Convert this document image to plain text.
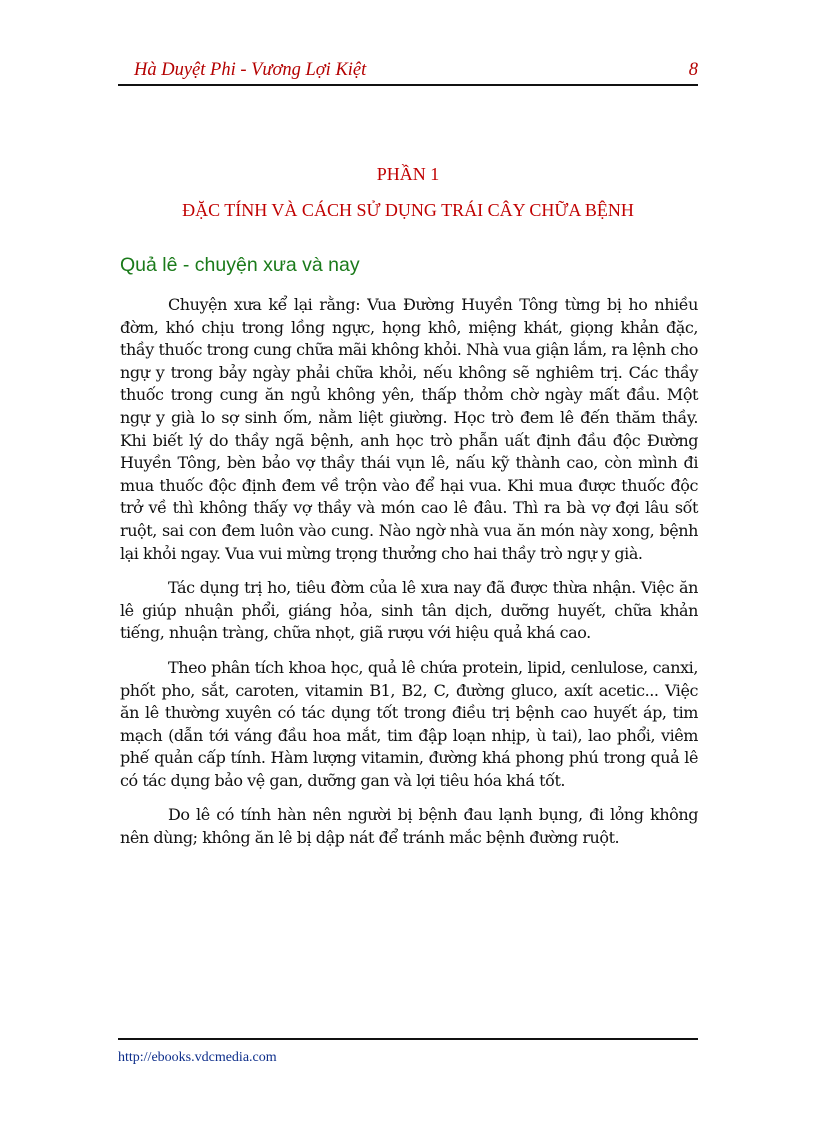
Hà Duyệt Phi - Vương Lợi Kiệt	8
PHẦN 1
ĐẶC TÍNH VÀ CÁCH SỬ DỤNG TRÁI CÂY CHỮA BỆNH
Quả lê - chuyện xưa và nay

Chuyện xưa kể lại rằng: Vua Đường Huyền Tông từng bị ho nhiều đờm, khó chịu trong lồng ngực, họng khô, miệng khát, giọng khản đặc, thầy thuốc trong cung chữa mãi không khỏi. Nhà vua giận lắm, ra lệnh cho ngự y trong bảy ngày phải chữa khỏi, nếu không sẽ nghiêm trị. Các thầy thuốc trong cung ăn ngủ không yên, thấp thỏm chờ ngày mất đầu. Một ngự y già lo sợ sinh ốm, nằm liệt giường. Học trò đem lê đến thăm thầy. Khi biết lý do thầy ngã bệnh, anh học trò phẫn uất định đầu độc Đường Huyền Tông, bèn bảo vợ thầy thái vụn lê, nấu kỹ thành cao, còn mình đi mua thuốc độc định đem về trộn vào để hại vua. Khi mua được thuốc độc trở về thì không thấy vợ thầy và món cao lê đâu. Thì ra bà vợ đợi lâu sốt ruột, sai con đem luôn vào cung. Nào ngờ nhà vua ăn món này xong, bệnh lại khỏi ngay. Vua vui mừng trọng thưởng cho hai thầy trò ngự y già.

Tác dụng trị ho, tiêu đờm của lê xưa nay đã được thừa nhận. Việc ăn lê giúp nhuận phổi, giáng hỏa, sinh tân dịch, dưỡng huyết, chữa khản tiếng, nhuận tràng, chữa nhọt, giã rượu với hiệu quả khá cao.

Theo phân tích khoa học, quả lê chứa protein, lipid, cenlulose, canxi, phốt pho, sắt, caroten, vitamin B1, B2, C, đường gluco, axít acetic... Việc ăn lê thường xuyên có tác dụng tốt trong điều trị bệnh cao huyết áp, tim mạch (dẫn tới váng đầu hoa mắt, tim đập loạn nhịp, ù tai), lao phổi, viêm phế quản cấp tính. Hàm lượng vitamin, đường khá phong phú trong quả lê có tác dụng bảo vệ gan, dưỡng gan và lợi tiêu hóa khá tốt.

Do lê có tính hàn nên người bị bệnh đau lạnh bụng, đi lỏng không nên dùng; không ăn lê bị dập nát để tránh mắc bệnh đường ruột.

http://ebooks.vdcmedia.com
